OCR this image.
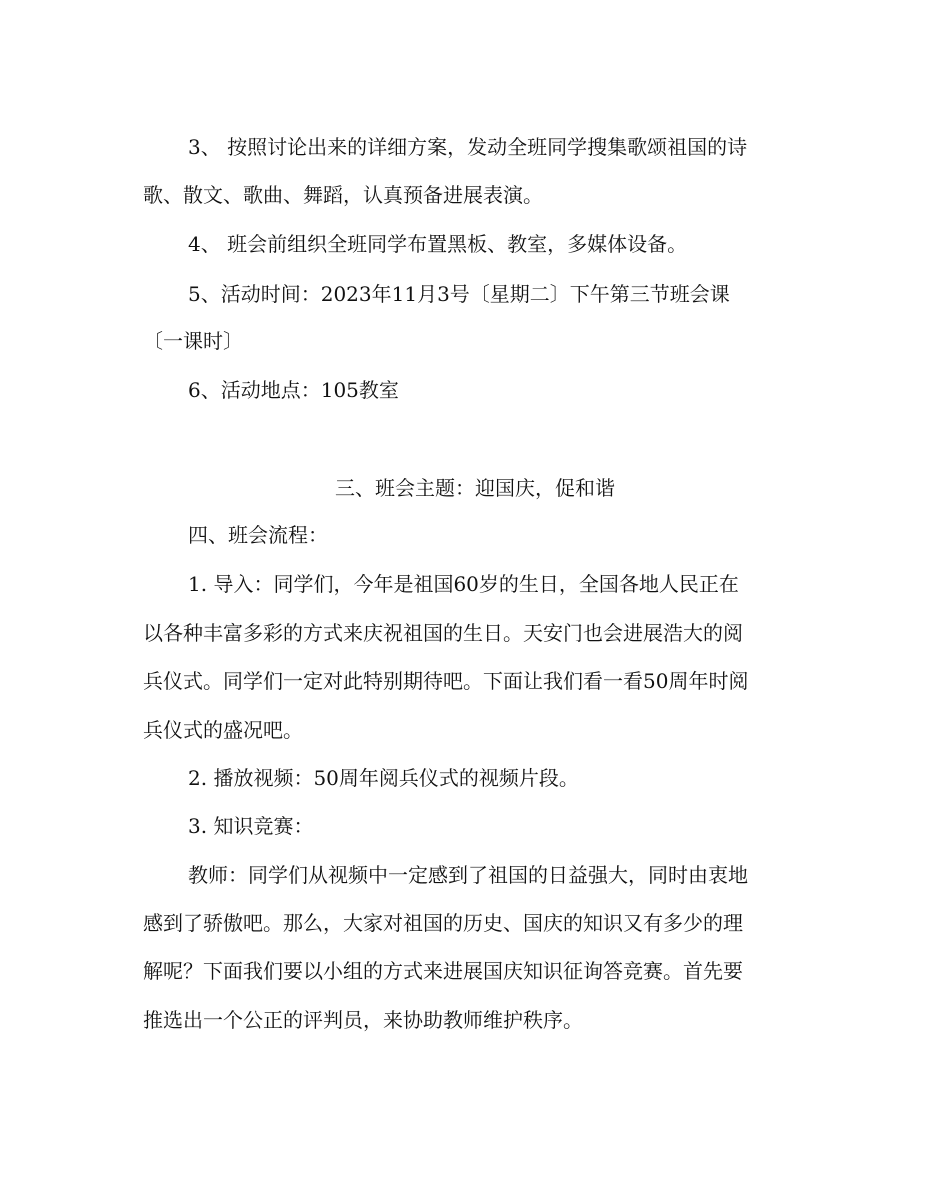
3、 按照讨论出来的详细方案，发动全班同学搜集歌颂祖国的诗
歌、散文、歌曲、舞蹈，认真预备进展表演。
4、 班会前组织全班同学布置黑板、教室，多媒体设备。
5、活动时间：2023年11月3号〔星期二〕下午第三节班会课
〔一课时〕
6、活动地点：105教室
三、班会主题：迎国庆，促和谐
四、班会流程：
1. 导入：同学们，今年是祖国60岁的生日，全国各地人民正在
以各种丰富多彩的方式来庆祝祖国的生日。天安门也会进展浩大的阅
兵仪式。同学们一定对此特别期待吧。下面让我们看一看50周年时阅
兵仪式的盛况吧。
2. 播放视频：50周年阅兵仪式的视频片段。
3. 知识竞赛：
教师：同学们从视频中一定感到了祖国的日益强大，同时由衷地
感到了骄傲吧。那么，大家对祖国的历史、国庆的知识又有多少的理
解呢？下面我们要以小组的方式来进展国庆知识征询答竞赛。首先要
推选出一个公正的评判员，来协助教师维护秩序。
